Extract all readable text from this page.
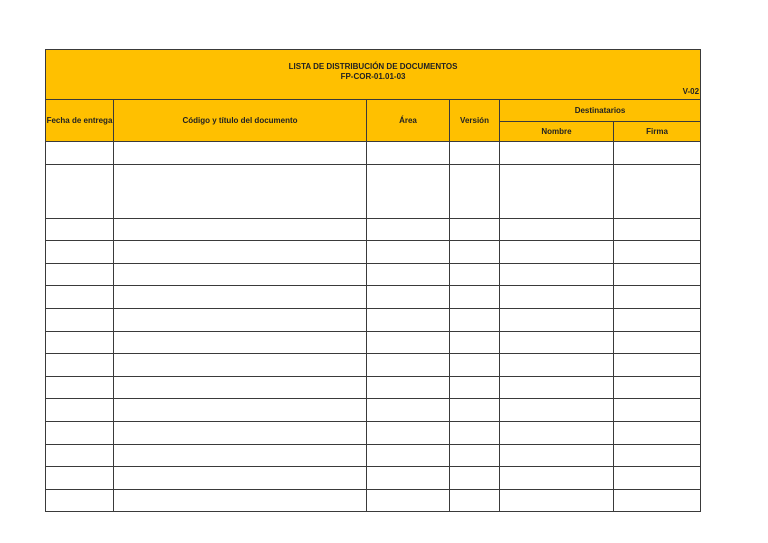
LISTA DE DISTRIBUCIÓN DE DOCUMENTOS
FP-COR-01.01-03
V-02					

Fecha de entrega	Código y título del documento	Área	Versión	Destinatarios	
				Nombre	Firma
